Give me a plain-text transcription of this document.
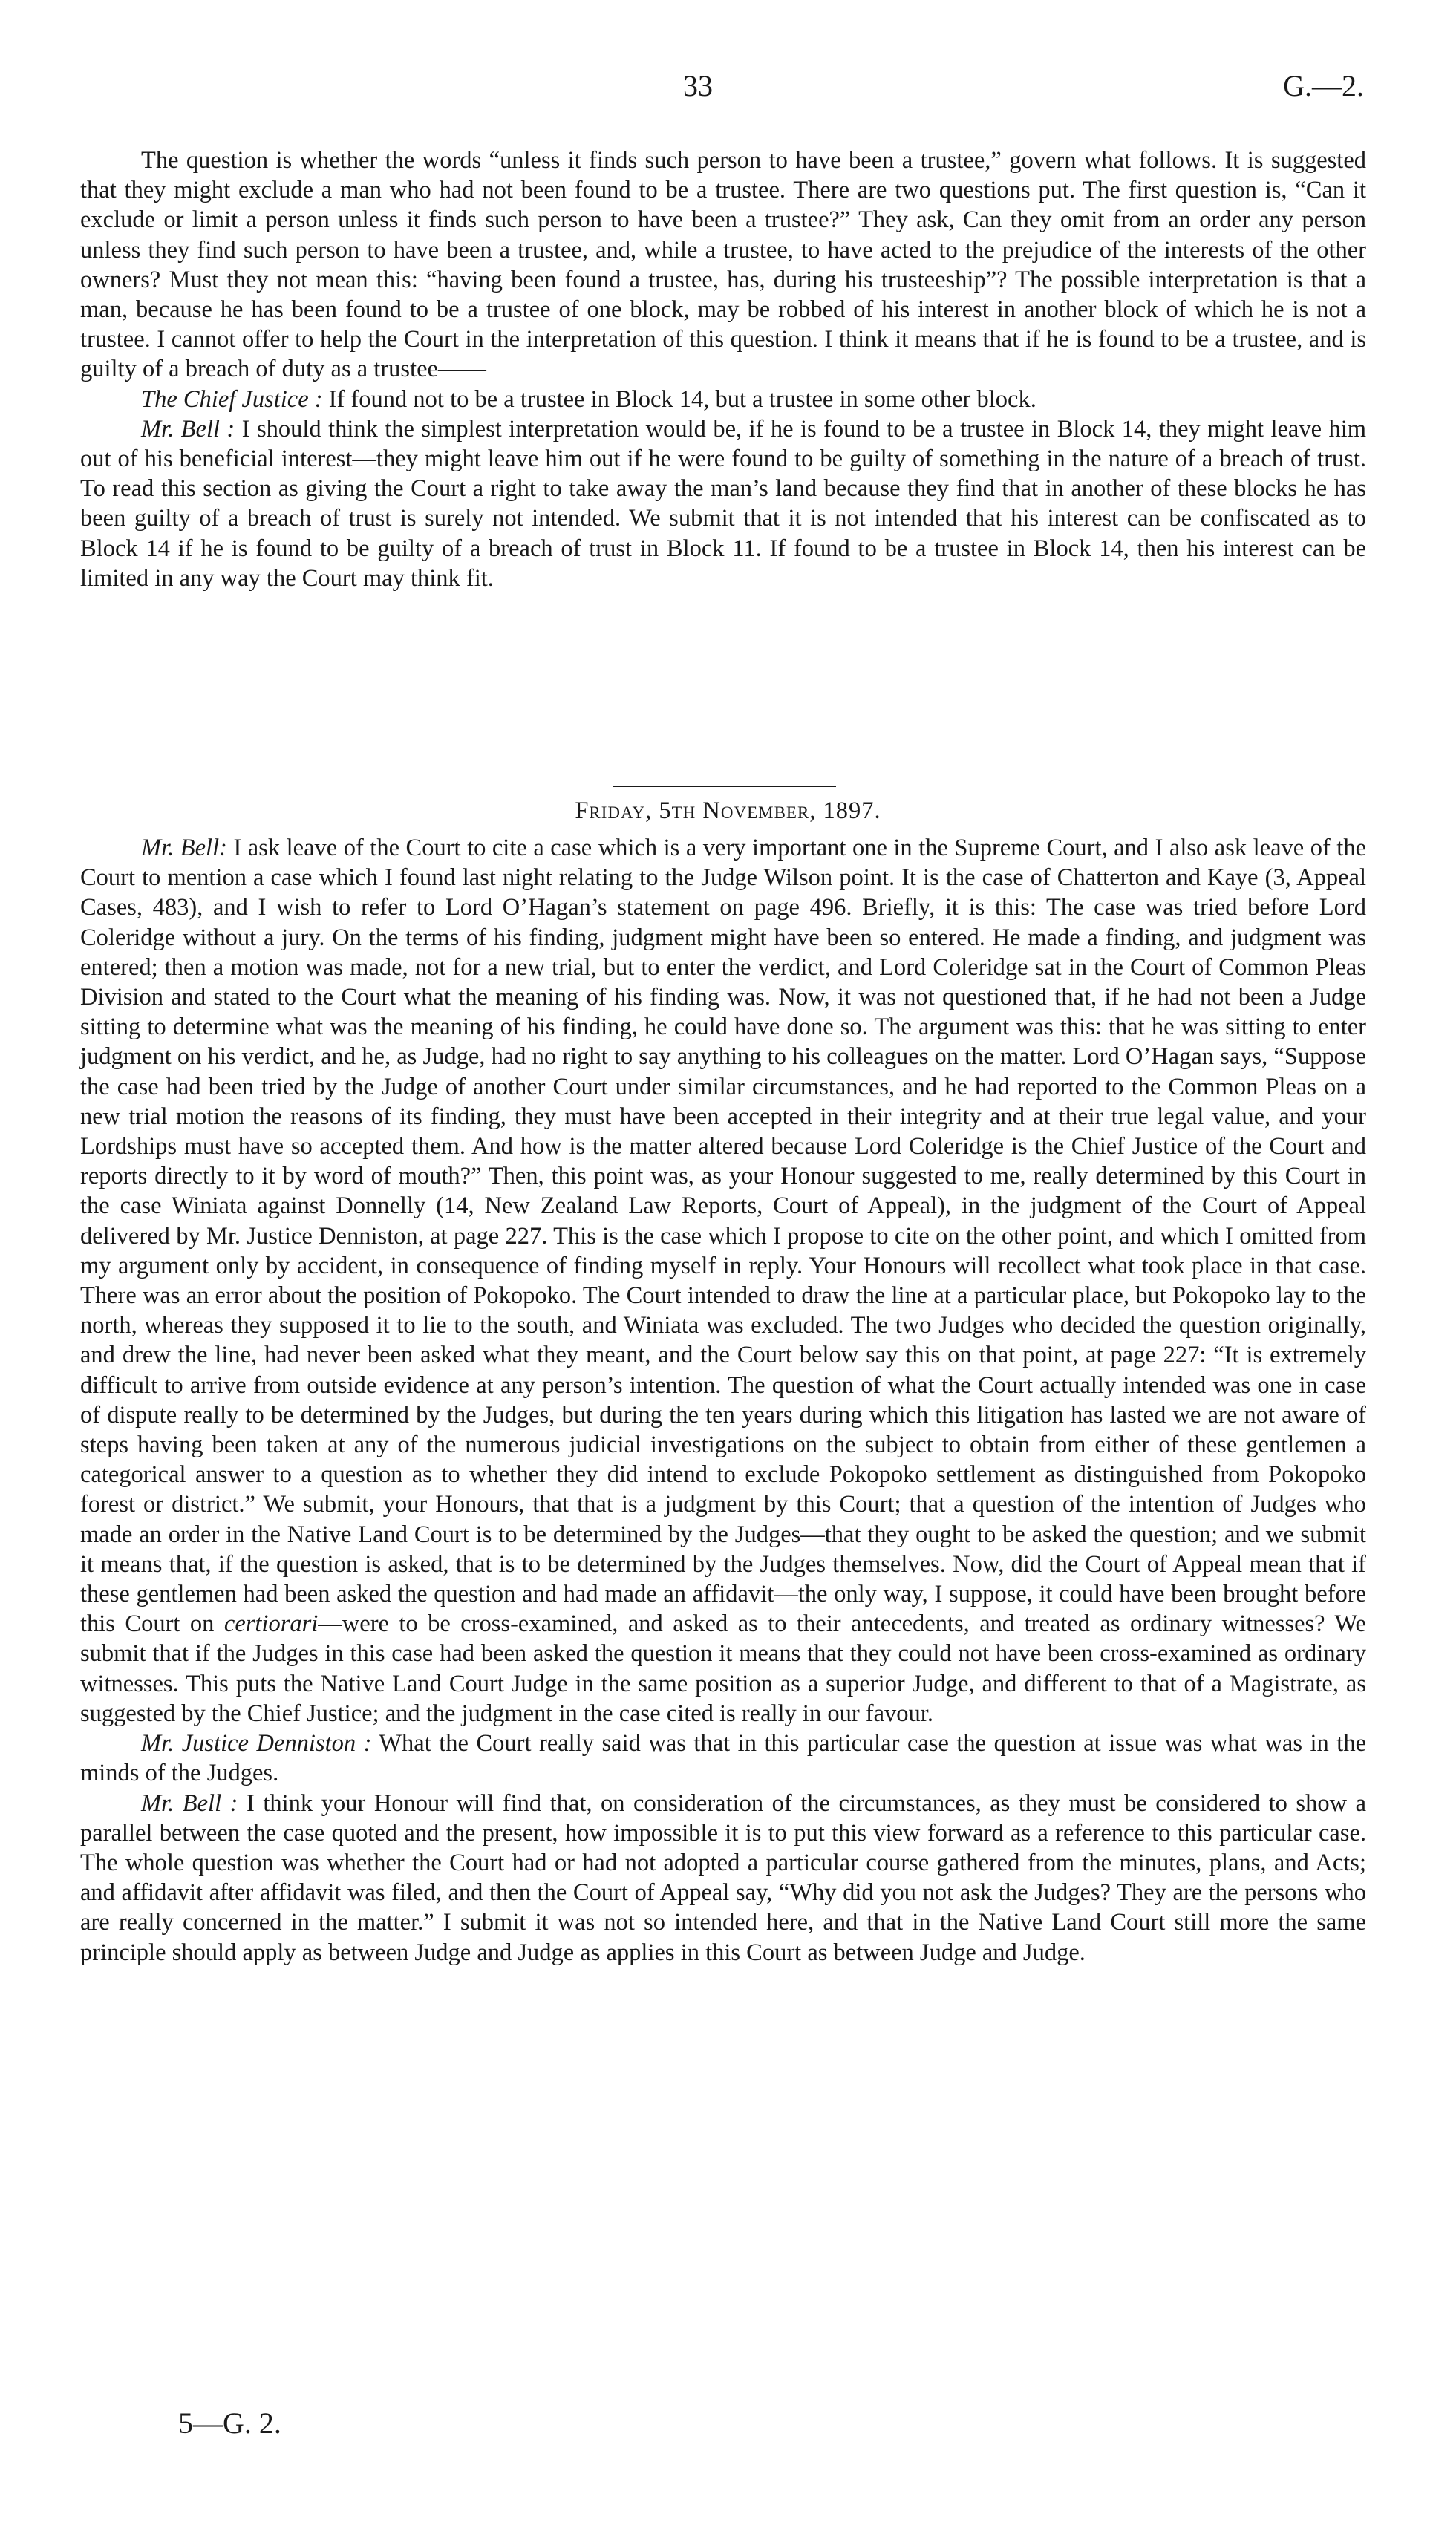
33	G.—2.

The question is whether the words “unless it finds such person to have been a trustee,” govern what follows. It is suggested that they might exclude a man who had not been found to be a trustee. There are two questions put. The first question is, “Can it exclude or limit a person unless it finds such person to have been a trustee?” They ask, Can they omit from an order any person unless they find such person to have been a trustee, and, while a trustee, to have acted to the prejudice of the interests of the other owners? Must they not mean this: “having been found a trustee, has, during his trusteeship”? The possible interpretation is that a man, because he has been found to be a trustee of one block, may be robbed of his interest in another block of which he is not a trustee. I cannot offer to help the Court in the interpretation of this question. I think it means that if he is found to be a trustee, and is guilty of a breach of duty as a trustee——

The Chief Justice : If found not to be a trustee in Block 14, but a trustee in some other block.

Mr. Bell : I should think the simplest interpretation would be, if he is found to be a trustee in Block 14, they might leave him out of his beneficial interest—they might leave him out if he were found to be guilty of something in the nature of a breach of trust. To read this section as giving the Court a right to take away the man’s land because they find that in another of these blocks he has been guilty of a breach of trust is surely not intended. We submit that it is not intended that his interest can be confiscated as to Block 14 if he is found to be guilty of a breach of trust in Block 11. If found to be a trustee in Block 14, then his interest can be limited in any way the Court may think fit.

Friday, 5th November, 1897.

Mr. Bell: I ask leave of the Court to cite a case which is a very important one in the Supreme Court, and I also ask leave of the Court to mention a case which I found last night relating to the Judge Wilson point. It is the case of Chatterton and Kaye (3, Appeal Cases, 483), and I wish to refer to Lord O’Hagan’s statement on page 496. Briefly, it is this: The case was tried before Lord Coleridge without a jury. On the terms of his finding, judgment might have been so entered. He made a finding, and judgment was entered; then a motion was made, not for a new trial, but to enter the verdict, and Lord Coleridge sat in the Court of Common Pleas Division and stated to the Court what the meaning of his finding was. Now, it was not questioned that, if he had not been a Judge sitting to determine what was the meaning of his finding, he could have done so. The argument was this: that he was sitting to enter judgment on his verdict, and he, as Judge, had no right to say anything to his colleagues on the matter. Lord O’Hagan says, “Suppose the case had been tried by the Judge of another Court under similar circumstances, and he had reported to the Common Pleas on a new trial motion the reasons of its finding, they must have been accepted in their integrity and at their true legal value, and your Lordships must have so accepted them. And how is the matter altered because Lord Coleridge is the Chief Justice of the Court and reports directly to it by word of mouth?” Then, this point was, as your Honour suggested to me, really determined by this Court in the case Winiata against Donnelly (14, New Zealand Law Reports, Court of Appeal), in the judgment of the Court of Appeal delivered by Mr. Justice Denniston, at page 227. This is the case which I propose to cite on the other point, and which I omitted from my argument only by accident, in consequence of finding myself in reply. Your Honours will recollect what took place in that case. There was an error about the position of Pokopoko. The Court intended to draw the line at a particular place, but Pokopoko lay to the north, whereas they supposed it to lie to the south, and Winiata was excluded. The two Judges who decided the question originally, and drew the line, had never been asked what they meant, and the Court below say this on that point, at page 227: “It is extremely difficult to arrive from outside evidence at any person’s intention. The question of what the Court actually intended was one in case of dispute really to be determined by the Judges, but during the ten years during which this litigation has lasted we are not aware of steps having been taken at any of the numerous judicial investigations on the subject to obtain from either of these gentlemen a categorical answer to a question as to whether they did intend to exclude Pokopoko settlement as distinguished from Pokopoko forest or district.” We submit, your Honours, that that is a judgment by this Court; that a question of the intention of Judges who made an order in the Native Land Court is to be determined by the Judges—that they ought to be asked the question; and we submit it means that, if the question is asked, that is to be determined by the Judges themselves. Now, did the Court of Appeal mean that if these gentlemen had been asked the question and had made an affidavit—the only way, I suppose, it could have been brought before this Court on certiorari—were to be cross-examined, and asked as to their antecedents, and treated as ordinary witnesses? We submit that if the Judges in this case had been asked the question it means that they could not have been cross-examined as ordinary witnesses. This puts the Native Land Court Judge in the same position as a superior Judge, and different to that of a Magistrate, as suggested by the Chief Justice; and the judgment in the case cited is really in our favour.

Mr. Justice Denniston : What the Court really said was that in this particular case the question at issue was what was in the minds of the Judges.

Mr. Bell : I think your Honour will find that, on consideration of the circumstances, as they must be considered to show a parallel between the case quoted and the present, how impossible it is to put this view forward as a reference to this particular case. The whole question was whether the Court had or had not adopted a particular course gathered from the minutes, plans, and Acts; and affidavit after affidavit was filed, and then the Court of Appeal say, “Why did you not ask the Judges? They are the persons who are really concerned in the matter.” I submit it was not so intended here, and that in the Native Land Court still more the same principle should apply as between Judge and Judge as applies in this Court as between Judge and Judge.

5—G. 2.
